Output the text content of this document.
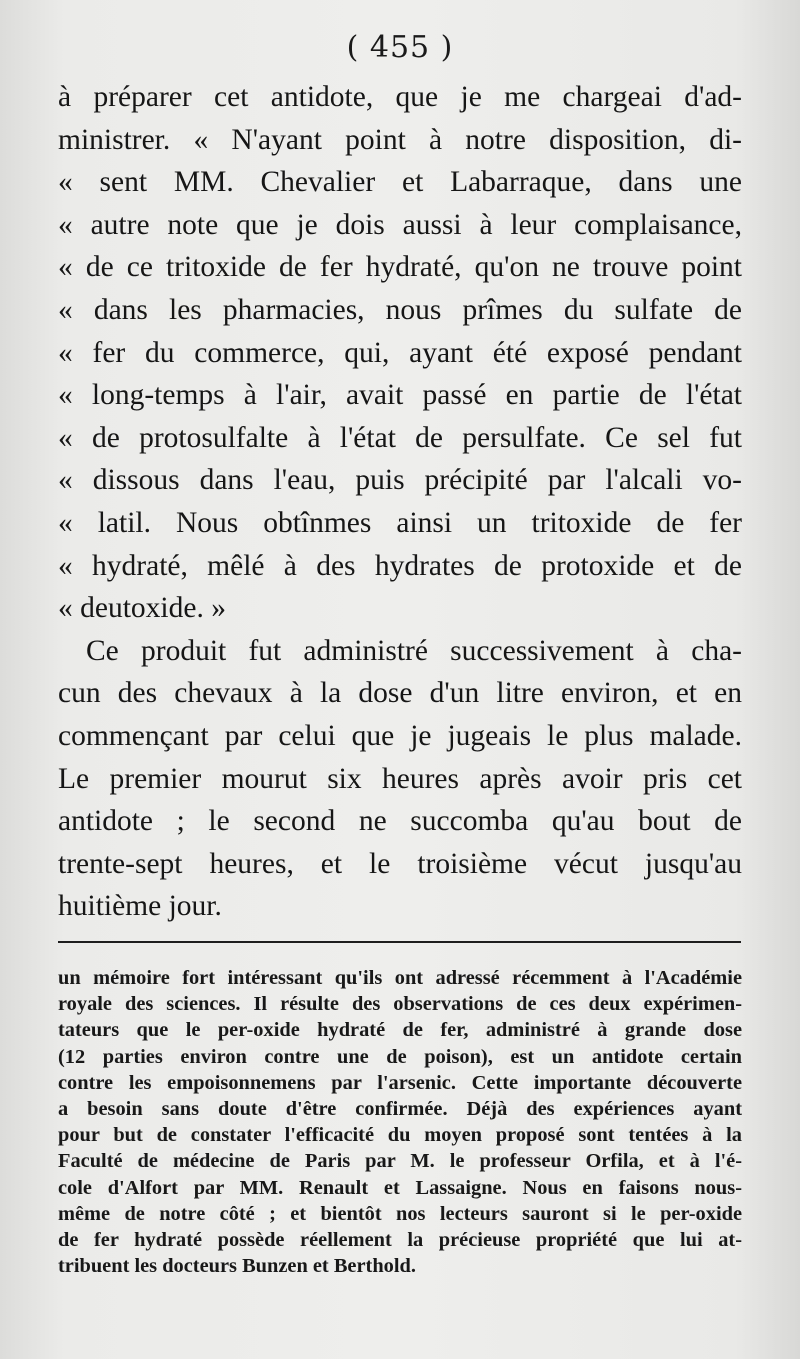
( 455 )
à préparer cet antidote, que je me chargeai d'ad-
ministrer. « N'ayant point à notre disposition, di-
« sent MM. Chevalier et Labarraque, dans une
« autre note que je dois aussi à leur complaisance,
« de ce tritoxide de fer hydraté, qu'on ne trouve point
« dans les pharmacies, nous prîmes du sulfate de
« fer du commerce, qui, ayant été exposé pendant
« long-temps à l'air, avait passé en partie de l'état
« de protosulfalte à l'état de persulfate. Ce sel fut
« dissous dans l'eau, puis précipité par l'alcali vo-
« latil. Nous obtînmes ainsi un tritoxide de fer
« hydraté, mêlé à des hydrates de protoxide et de
« deutoxide. »
Ce produit fut administré successivement à cha-
cun des chevaux à la dose d'un litre environ, et en
commençant par celui que je jugeais le plus malade.
Le premier mourut six heures après avoir pris cet
antidote ; le second ne succomba qu'au bout de
trente-sept heures, et le troisième vécut jusqu'au
huitième jour.
un mémoire fort intéressant qu'ils ont adressé récemment à l'Académie
royale des sciences. Il résulte des observations de ces deux expérimen-
tateurs que le per-oxide hydraté de fer, administré à grande dose
(12 parties environ contre une de poison), est un antidote certain
contre les empoisonnemens par l'arsenic. Cette importante découverte
a besoin sans doute d'être confirmée. Déjà des expériences ayant
pour but de constater l'efficacité du moyen proposé sont tentées à la
Faculté de médecine de Paris par M. le professeur Orfila, et à l'é-
cole d'Alfort par MM. Renault et Lassaigne. Nous en faisons nous-
même de notre côté ; et bientôt nos lecteurs sauront si le per-oxide
de fer hydraté possède réellement la précieuse propriété que lui at-
tribuent les docteurs Bunzen et Berthold.
